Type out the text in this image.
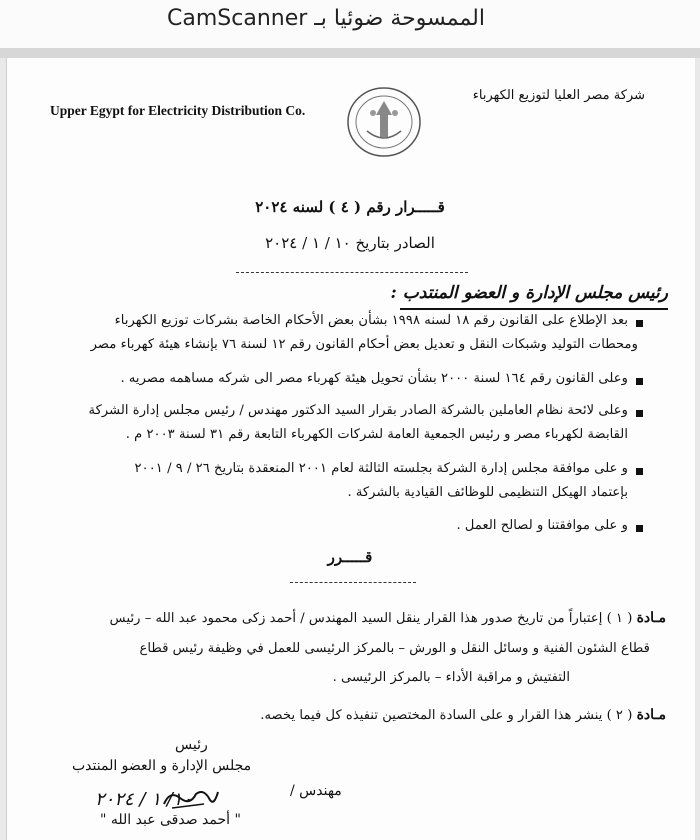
الممسوحة ضوئيا بـ CamScanner
Upper Egypt for Electricity Distribution Co.
شركة مصر العليا لتوزيع الكهرباء
قـــــرار رقم ( ٤ ) لسنه ٢٠٢٤
الصادر بتاريخ ١٠ / ١ / ٢٠٢٤
رئيس مجلس الإدارة و العضو المنتدب :
بعد الإطلاع على القانون رقم ١٨ لسنه ١٩٩٨ بشأن بعض الأحكام الخاصة بشركات توزيع الكهرباء
ومحطات التوليد وشبكات النقل و تعديل بعض أحكام القانون رقم ١٢ لسنة ٧٦ بإنشاء هيئة كهرباء مصر
وعلى القانون رقم ١٦٤ لسنة ٢٠٠٠ بشأن تحويل هيئة كهرباء مصر الى شركه مساهمه مصريه .
وعلى لائحة نظام العاملين بالشركة الصادر بقرار السيد الدكتور مهندس / رئيس مجلس إدارة الشركة
القابضة لكهرباء مصر و رئيس الجمعية العامة لشركات الكهرباء التابعة رقم ٣١ لسنة ٢٠٠٣ م .
و على موافقة مجلس إدارة الشركة بجلسته الثالثة لعام ٢٠٠١ المنعقدة بتاريخ ٢٦ / ٩ / ٢٠٠١
بإعتماد الهيكل التنظيمى للوظائف القيادية بالشركة .
و على موافقتنا و لصالح العمل .
قـــــرر
مـادة ( ١ ) إعتباراً من تاريخ صدور هذا القرار ينقل السيد المهندس / أحمد زكى محمود عبد الله – رئيس
قطاع الشئون الفنية و وسائل النقل و الورش – بالمركز الرئيسى للعمل في وظيفة رئيس قطاع
التفتيش و مراقبة الأداء – بالمركز الرئيسى .
مـادة ( ٢ ) ينشر هذا القرار و على السادة المختصين تنفيذه كل فيما يخصه.
رئيس
مجلس الإدارة و العضو المنتدب
مهندس /
١٠/ ١ / ٢٠٢٤
" أحمد صدقى عبد الله "
